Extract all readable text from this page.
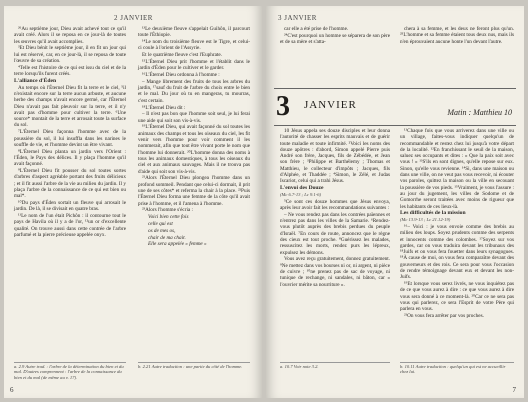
2 JANVIER

²⁶Au septième jour, Dieu avait achevé tout ce qu'il avait créé. Alors il se reposa en ce jour-là de toutes les œuvres qu'il avait accomplies.

³Et Dieu bénit le septième jour, il en fit un jour qui lui est réservé, car, en ce jour-là, il se reposa de toute l'œuvre de sa création.

⁴Telle est l'histoire de ce qui est issu du ciel et de la terre lorsqu'ils furent créés.

L'alliance d'Éden

Au temps où l'Éternel Dieu fit la terre et le ciel, ⁵il n'existait encore sur la terre aucun arbuste, et aucune herbe des champs n'avait encore germé, car l'Éternel Dieu n'avait pas fait pleuvoir sur la terre, et il n'y avait pas d'homme pour cultiver la terre. ⁶Une source* montait de la terre et arrosait toute la surface du sol.

⁷L'Éternel Dieu façonna l'homme avec de la poussière du sol, il lui insuffla dans les narines le souffle de vie, et l'homme devint un être vivant.

⁸L'Éternel Dieu planta un jardin vers l'Orient : l'Éden, le Pays des délices. Il y plaça l'homme qu'il avait façonné.

⁹L'Éternel Dieu fit pousser du sol toutes sortes d'arbres d'aspect agréable portant des fruits délicieux ; et il fit aussi l'arbre de la vie au milieu du jardin. Il y plaça l'arbre de la connaissance de ce qui est bien ou mal*.

¹⁰Du pays d'Éden sortait un fleuve qui arrosait le jardin. De là, il se divisait en quatre bras.

¹¹Le nom de l'un était Pichôn : il contourne tout le pays de Havila où il y a de l'or, ¹²un or d'excellente qualité. On trouve aussi dans cette contrée de l'arbre parfumé et la pierre précieuse appelée onyx.

¹³Le deuxième fleuve s'appelait Guihôn, il parcourt toute l'Éthiopie.

¹⁴Le nom du troisième fleuve est le Tigre, et celui-ci coule à l'orient de l'Assyrie.

Et le quatrième fleuve c'est l'Euphrate.

¹⁵L'Éternel Dieu prit l'homme et l'établit dans le jardin d'Éden pour le cultiver et le garder.

¹⁶L'Éternel Dieu ordonna à l'homme :

– Mange librement des fruits de tous les arbres du jardin, ¹⁷sauf du fruit de l'arbre du choix entre le bien et le mal. Du jour où tu en mangeras, tu mourras, c'est certain.

¹⁸L'Éternel Dieu dit :

– Il n'est pas bon que l'homme soit seul, je lui ferai une aide qui soit son vis-à-vis.

¹⁹L'Éternel Dieu, qui avait façonné du sol toutes les animaux des champs et tous les oiseaux du ciel, les fit venir vers l'homme pour voir comment il les nommerait, afin que tout être vivant porte le nom que l'homme lui donnerait. ²⁰L'homme donna des noms à tous les animaux domestiques, à tous les oiseaux du ciel et aux animaux sauvages. Mais il ne trouva pas d'aide qui soit son vis-à-vis.

²¹Alors l'Éternel Dieu plongea l'homme dans un profond sommeil. Pendant que celui-ci dormait, il prit une de ses côtes* et referma la chair à la place. ²²Puis l'Éternel Dieu forma une femme de la côte qu'il avait prise à l'homme, et il l'amena à l'homme.

²³Alors l'homme s'écria :

Voici bien cette fois

celle qui est

os de mes os,

chair de ma chair.

Elle sera appelée « femme »

a. 2.9 Autre trad. : l'arbre de la détermination du bien et du mal. D'autres comprennent : l'arbre de la connaissance du bien et du mal (de même au v. 17).
b. 2.21 Autre traduction : une partie du côté de l'homme.
6
3 JANVIER

car elle a été prise de l'homme.

²⁴C'est pourquoi un homme se séparera de son père et de sa mère et s'atta-

chera à sa femme, et les deux ne feront plus qu'un. ²⁵L'homme et sa femme étaient tous deux nus, mais ils n'en éprouvaient aucune honte l'un devant l'autre.

3 JANVIER
Matin : Matthieu 10

10 Jésus appela ses douze disciples et leur donna l'autorité de chasser les esprits mauvais et de guérir toute maladie et toute infirmité. ²Voici les noms des douze apôtres : d'abord, Simon appelé Pierre puis André son frère, Jacques, fils de Zébédée, et Jean son frère ; ³Philippe et Barthélemy ; Thomas et Matthieu, le collecteur d'impôts ; Jacques, fils d'Alphée, et Thaddée ; ⁴Simon, le Zélé, et Judas Iscariot, celui qui a trahi Jésus.

L'envoi des Douze

(Mc 6.7-13 ; Lc 9.1-6)

⁵Ce sont ces douze hommes que Jésus envoya, après leur avoir fait les recommandations suivantes :

– Ne vous rendez pas dans les contrées païennes et n'entrez pas dans les villes de la Samarie. ⁶Rendez-vous plutôt auprès des brebis perdues du peuple d'Israël. ⁷En cours de route, annoncez que le règne des cieux est tout proche. ⁸Guérissez les malades, ressuscitez les morts, rendez purs les lépreux, expulsez les démons.

Vous avez reçu gratuitement, donnez gratuitement. ⁹Ne mettez dans vos bourses ni or, ni argent, ni pièce de cuivre ; ¹⁰ne prenez pas de sac de voyage, ni tunique de rechange, ni sandales, ni bâton, car « l'ouvrier mérite sa nourriture ».

¹¹Chaque fois que vous arriverez dans une ville ou un village, faites-vous indiquer quelqu'un de recommandable et restez chez lui jusqu'à votre départ de la localité. ¹²En franchissant le seuil de la maison, saluez ses occupants et dites : « Que la paix soit avec vous ! » ¹³S'ils en sont dignes, qu'elle repose sur eux. Sinon, qu'elle vous revienne. ¹⁴Si, dans une maison ou dans une ville, on ne veut pas vous recevoir, ni écouter vos paroles, quittez la maison ou la ville en secouant la poussière de vos pieds. ¹⁵Vraiment, je vous l'assure : au jour du jugement, les villes de Sodome et de Gomorrhe seront traitées avec moins de rigueur que les habitants de ces lieux-là.

Les difficultés de la mission

(Mc 13.9-13 ; Lc 21.12-19)

¹⁶– Voici : je vous envoie comme des brebis au milieu des loups. Soyez prudents comme des serpents et innocents comme des colombes. ¹⁷Soyez sur vos gardes, car on vous traduira devant les tribunaux des ¹⁸Juifs et on vous fera fouetter dans leurs synagogues. ¹⁸À cause de moi, on vous fera comparaître devant des gouverneurs et des rois. Ce sera pour vous l'occasion de rendre témoignage devant eux et devant les non-Juifs.

¹⁹Et lorsque vous serez livrés, ne vous inquiétez pas de ce que vous aurez à dire : ce que vous aurez à dire vous sera donné à ce moment-là. ²⁰Car ce ne sera pas vous qui parlerez, ce sera l'Esprit de votre Père qui parlera en vous.

²¹On vous fera arrêter par vos proches.

a. 10.7 Voir note 3.2.	b. 10.11 Autre traduction : quelqu'un qui est ne accueillir chez lui.
7
